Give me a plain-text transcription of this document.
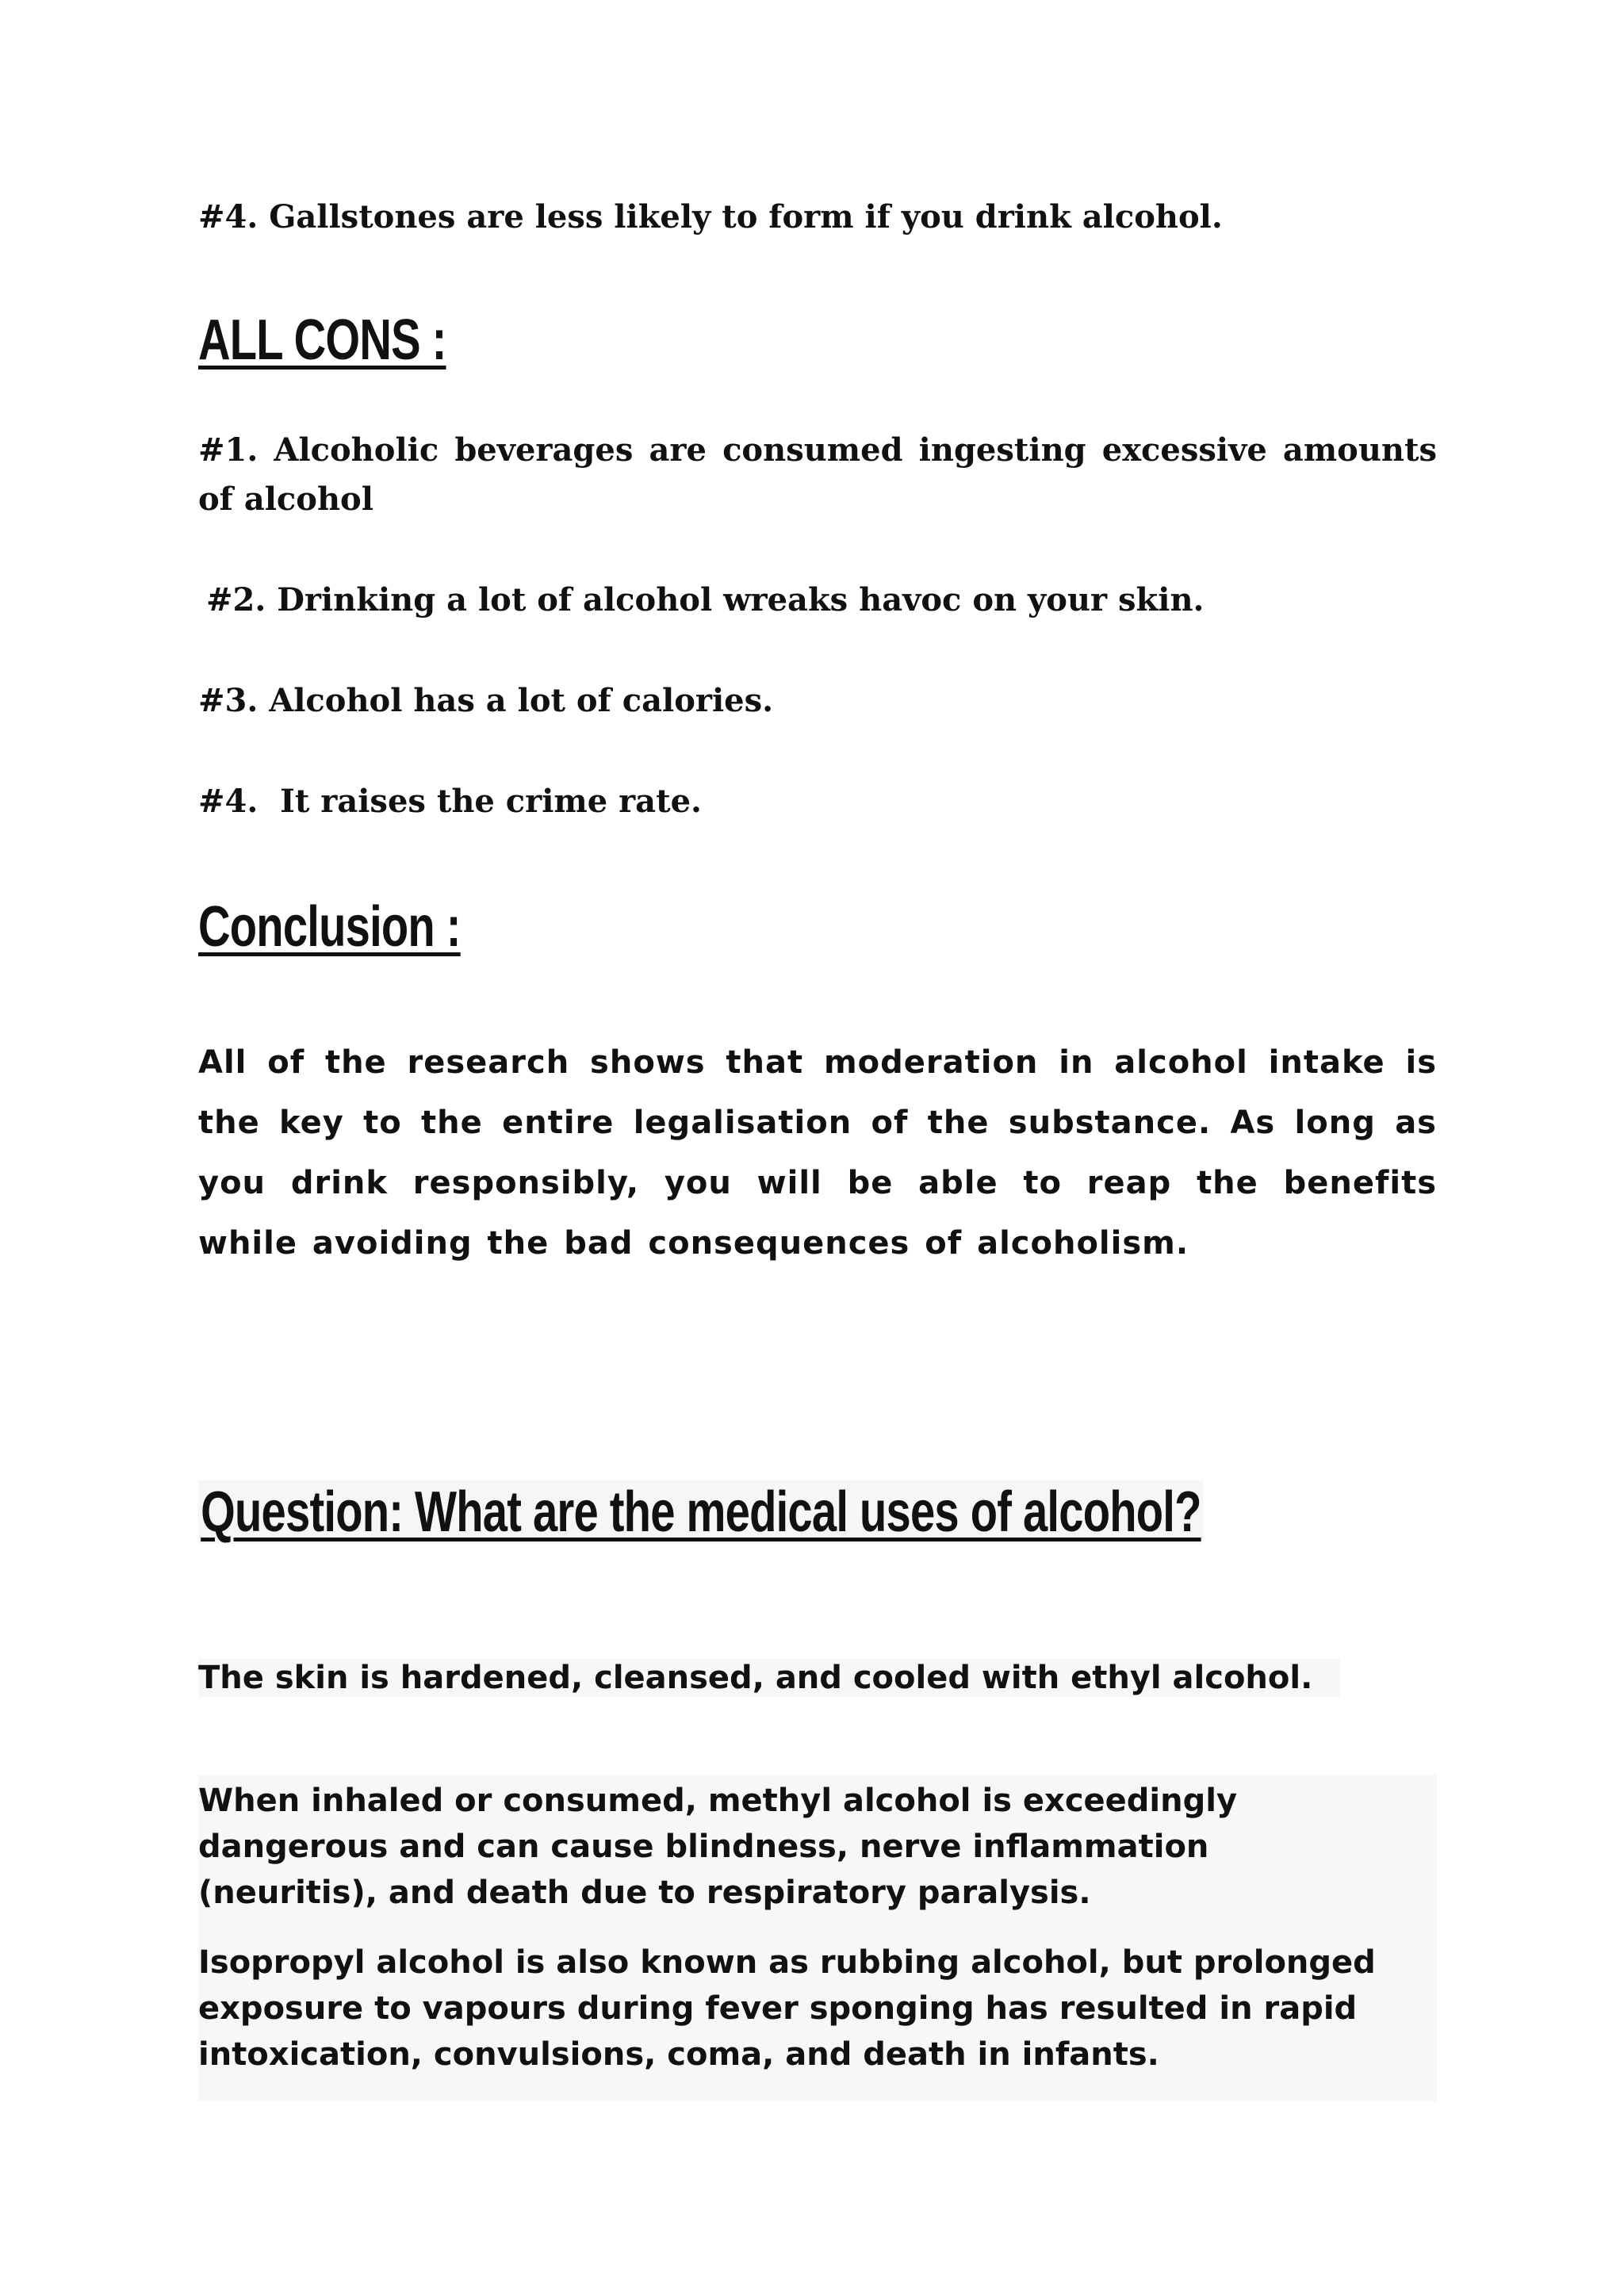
#4. Gallstones are less likely to form if you drink alcohol.

ALL CONS :

#1. Alcoholic beverages are consumed ingesting excessive amounts of alcohol

#2. Drinking a lot of alcohol wreaks havoc on your skin.

#3. Alcohol has a lot of calories.

#4.  It raises the crime rate.

Conclusion :

All of the research shows that moderation in alcohol intake is the key to the entire legalisation of the substance. As long as you drink responsibly, you will be able to reap the benefits while avoiding the bad consequences of alcoholism.

Question: What are the medical uses of alcohol?

The skin is hardened, cleansed, and cooled with ethyl alcohol.

When inhaled or consumed, methyl alcohol is exceedingly dangerous and can cause blindness, nerve inflammation (neuritis), and death due to respiratory paralysis.

Isopropyl alcohol is also known as rubbing alcohol, but prolonged exposure to vapours during fever sponging has resulted in rapid intoxication, convulsions, coma, and death in infants.
